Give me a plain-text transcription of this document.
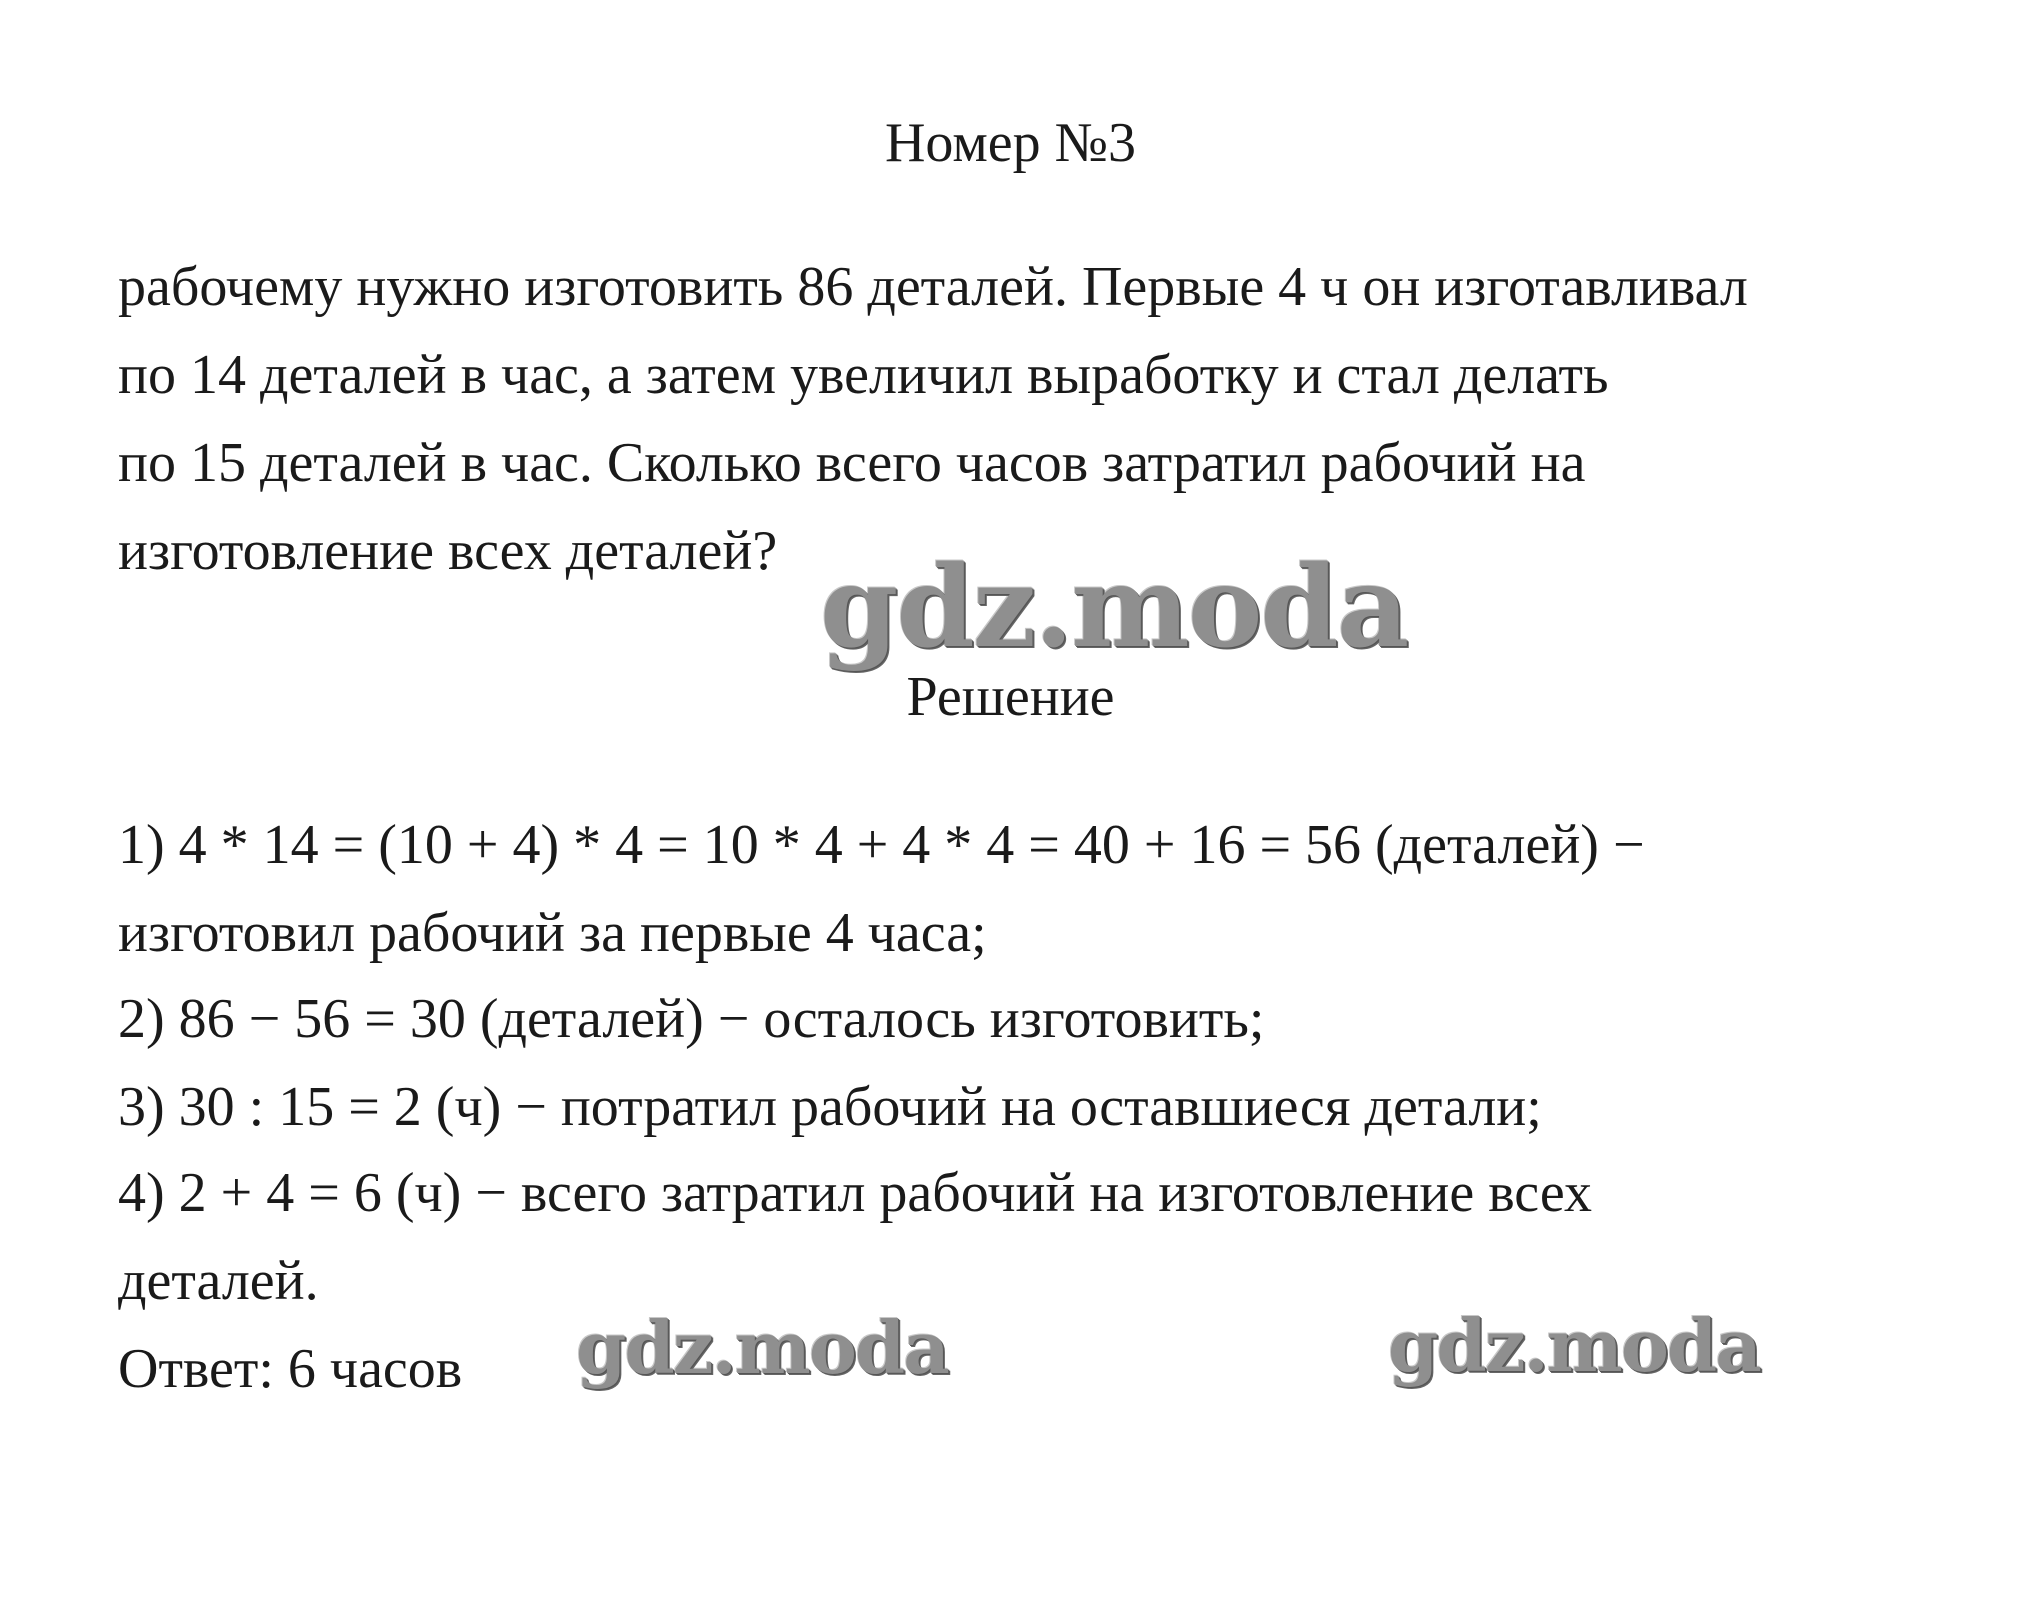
Номер №3
рабочему нужно изготовить 86 деталей. Первые 4 ч он изготавливал
по 14 деталей в час, а затем увеличил выработку и стал делать
по 15 деталей в час. Сколько всего часов затратил рабочий на
изготовление всех деталей? gdz.moda
Решение
1) 4 * 14 = (10 + 4) * 4 = 10 * 4 + 4 * 4 = 40 + 16 = 56 (деталей) −
изготовил рабочий за первые 4 часа;
2) 86 − 56 = 30 (деталей) − осталось изготовить;
3) 30 : 15 = 2 (ч) − потратил рабочий на оставшиеся детали;
4) 2 + 4 = 6 (ч) − всего затратил рабочий на изготовление всех
деталей.
Ответ: 6 часов gdz.moda	gdz.moda
